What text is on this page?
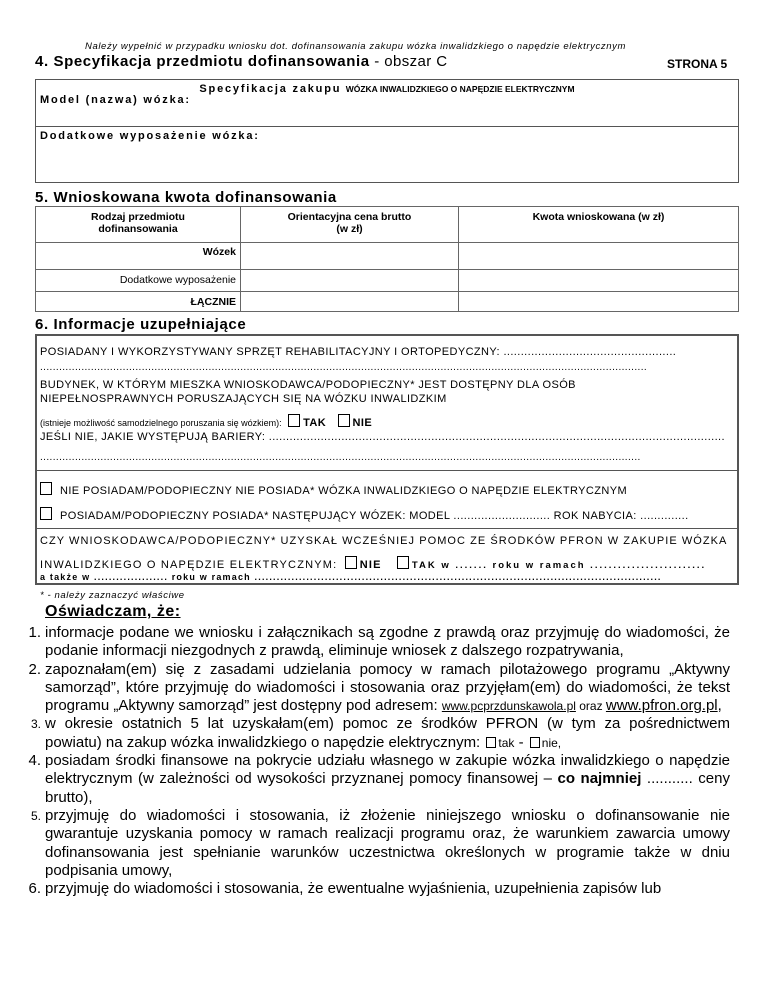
Należy wypełnić w przypadku wniosku dot. dofinansowania zakupu wózka inwalidzkiego o napędzie elektrycznym
4. Specyfikacja przedmiotu dofinansowania - obszar C	STRONA 5
Specyfikacja zakupu WÓZKA INWALIDZKIEGO O NAPĘDZIE ELEKTRYCZNYM
Model (nazwa) wózka:
Dodatkowe wyposażenie wózka:
5. Wnioskowana kwota dofinansowania
Rodzaj przedmiotu dofinansowania	Orientacyjna cena brutto (w zł)	Kwota wnioskowana (w zł)
Wózek		
Dodatkowe wyposażenie		
ŁĄCZNIE		
6. Informacje uzupełniające
POSIADANY I WYKORZYSTYWANY SPRZĘT REHABILITACYJNY I ORTOPEDYCZNY: ..................................................
...............................................................................................................................................................................................
BUDYNEK, W KTÓRYM MIESZKA WNIOSKODAWCA/PODOPIECZNY* JEST DOSTĘPNY DLA OSÓB
NIEPEŁNOSPRAWNYCH PORUSZAJĄCYCH SIĘ NA WÓZKU INWALIDZKIM
(istnieje możliwość samodzielnego poruszania się wózkiem): TAK NIE
JEŚLI NIE, JAKIE WYSTĘPUJĄ BARIERY: ....................................................................................................................................
.............................................................................................................................................................................................
NIE POSIADAM/PODOPIECZNY NIE POSIADA* WÓZKA INWALIDZKIEGO O NAPĘDZIE ELEKTRYCZNYM
POSIADAM/PODOPIECZNY POSIADA* NASTĘPUJĄCY WÓZEK: MODEL ............................ ROK NABYCIA: ..............
CZY WNIOSKODAWCA/PODOPIECZNY* UZYSKAŁ WCZEŚNIEJ POMOC ZE ŚRODKÓW PFRON W ZAKUPIE WÓZKA
INWALIDZKIEGO O NAPĘDZIE ELEKTRYCZNYM: NIE	TAK w ....... roku w ramach .........................
a także w .................... roku w ramach ..............................................................................................................
* - należy zaznaczyć właściwe
Oświadczam, że:
1. informacje podane we wniosku i załącznikach są zgodne z prawdą oraz przyjmuję do wiadomości, że podanie informacji niezgodnych z prawdą, eliminuje wniosek z dalszego rozpatrywania,
2. zapoznałam(em) się z zasadami udzielania pomocy w ramach pilotażowego programu „Aktywny samorząd”, które przyjmuję do wiadomości i stosowania oraz przyjęłam(em) do wiadomości, że tekst programu „Aktywny samorząd” jest dostępny pod adresem: www.pcprzdunskawola.pl oraz www.pfron.org.pl,
3. w okresie ostatnich 5 lat uzyskałam(em) pomoc ze środków PFRON (w tym za pośrednictwem powiatu) na zakup wózka inwalidzkiego o napędzie elektrycznym: tak - nie,
4. posiadam środki finansowe na pokrycie udziału własnego w zakupie wózka inwalidzkiego o napędzie elektrycznym (w zależności od wysokości przyznanej pomocy finansowej – co najmniej ........... ceny brutto),
5. przyjmuję do wiadomości i stosowania, iż złożenie niniejszego wniosku o dofinansowanie nie gwarantuje uzyskania pomocy w ramach realizacji programu oraz, że warunkiem zawarcia umowy dofinansowania jest spełnianie warunków uczestnictwa określonych w programie także w dniu podpisania umowy,
6. przyjmuję do wiadomości i stosowania, że ewentualne wyjaśnienia, uzupełnienia zapisów lub
